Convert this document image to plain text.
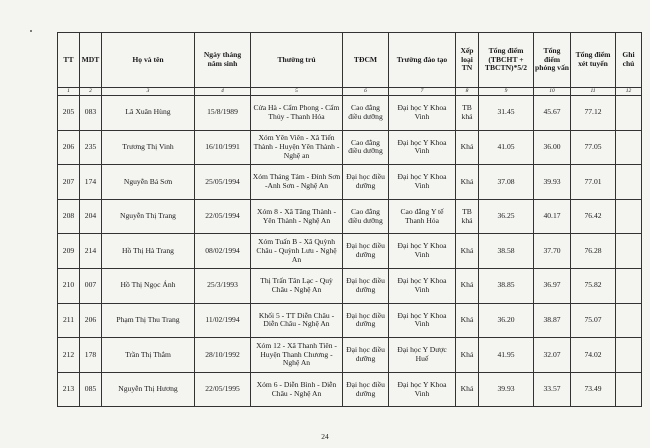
TT	MDT	Họ và tên	Ngày tháng năm sinh	Thường trú	TĐCM	Trường đào tạo	Xếp loại TN	Tổng điểm (TBCHT + TBCTN)*5/2	Tổng điểm phỏng vấn	Tổng điểm xét tuyển	Ghi chú
1	2	3	4	5	6	7	8	9	10	11	12
205	083	Lã Xuân Hùng	15/8/1989	Cửa Hà - Cẩm Phong - Cẩm Thủy - Thanh Hóa	Cao đẳng điều dưỡng	Đại học Y Khoa Vinh	TB khá	31.45	45.67	77.12	
206	235	Trương Thị Vinh	16/10/1991	Xóm Yên Viên - Xã Tiến Thành - Huyện Yên Thành - Nghệ an	Cao đẳng điều dưỡng	Đại học Y Khoa Vinh	Khá	41.05	36.00	77.05	
207	174	Nguyễn Bá Sơn	25/05/1994	Xóm Tháng Tám - Đỉnh Sơn -Anh Sơn - Nghệ An	Đại học điều dưỡng	Đại học Y Khoa Vinh	Khá	37.08	39.93	77.01	
208	204	Nguyễn Thị Trang	22/05/1994	Xóm 8 - Xã Tăng Thành - Yên Thành - Nghệ An	Cao đẳng điều dưỡng	Cao đẳng Y tế Thanh Hóa	TB khá	36.25	40.17	76.42	
209	214	Hồ Thị Hà Trang	08/02/1994	Xóm Tuấn B - Xã Quỳnh Châu - Quỳnh Lưu - Nghệ An	Đại học điều dưỡng	Đại học Y Khoa Vinh	Khá	38.58	37.70	76.28	
210	007	Hồ Thị Ngọc Ánh	25/3/1993	Thị Trấn Tân Lạc - Quỳ Châu - Nghệ An	Đại học điều dưỡng	Đại học Y Khoa Vinh	Khá	38.85	36.97	75.82	
211	206	Phạm Thị Thu Trang	11/02/1994	Khối 5 - TT Diễn Châu - Diễn Châu - Nghệ An	Đại học điều dưỡng	Đại học Y Khoa Vinh	Khá	36.20	38.87	75.07	
212	178	Trần Thị Thắm	28/10/1992	Xóm 12 - Xã Thanh Tiên - Huyện Thanh Chương - Nghệ An	Đại học điều dưỡng	Đại học Y Dược Huế	Khá	41.95	32.07	74.02	
213	085	Nguyễn Thị Hương	22/05/1995	Xóm 6 - Diễn Bình - Diễn Châu - Nghệ An	Đại học điều dưỡng	Đại học Y Khoa Vinh	Khá	39.93	33.57	73.49	
24
